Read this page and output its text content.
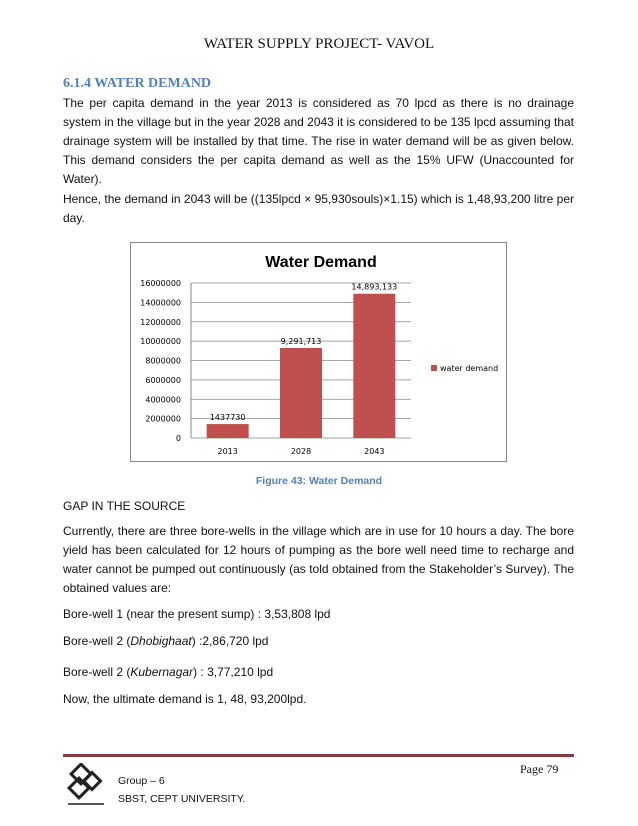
WATER SUPPLY PROJECT- VAVOL
6.1.4 WATER DEMAND
The per capita demand in the year 2013 is considered as 70 lpcd as there is no drainage system in the village but in the year 2028 and 2043 it is considered to be 135 lpcd assuming that drainage system will be installed by that time. The rise in water demand will be as given below. This demand considers the per capita demand as well as the 15% UFW (Unaccounted for Water).
Hence, the demand in 2043 will be ((135lpcd × 95,930souls)×1.15) which is 1,48,93,200 litre per day.
Water Demand
0
2000000
4000000
6000000
8000000
10000000
12000000
14000000
16000000
1437730
2013
9,291,713
2028
14,893,133
2043
water demand
Figure 43: Water Demand
GAP IN THE SOURCE
Currently, there are three bore-wells in the village which are in use for 10 hours a day. The bore yield has been calculated for 12 hours of pumping as the bore well need time to recharge and water cannot be pumped out continuously (as told obtained from the Stakeholder’s Survey). The obtained values are:
Bore-well 1 (near the present sump) : 3,53,808 lpd
Bore-well 2 (Dhobighaat) :2,86,720 lpd
Bore-well 2 (Kubernagar) : 3,77,210 lpd
Now, the ultimate demand is 1, 48, 93,200lpd.
Page 79
Group – 6
SBST, CEPT UNIVERSITY.
